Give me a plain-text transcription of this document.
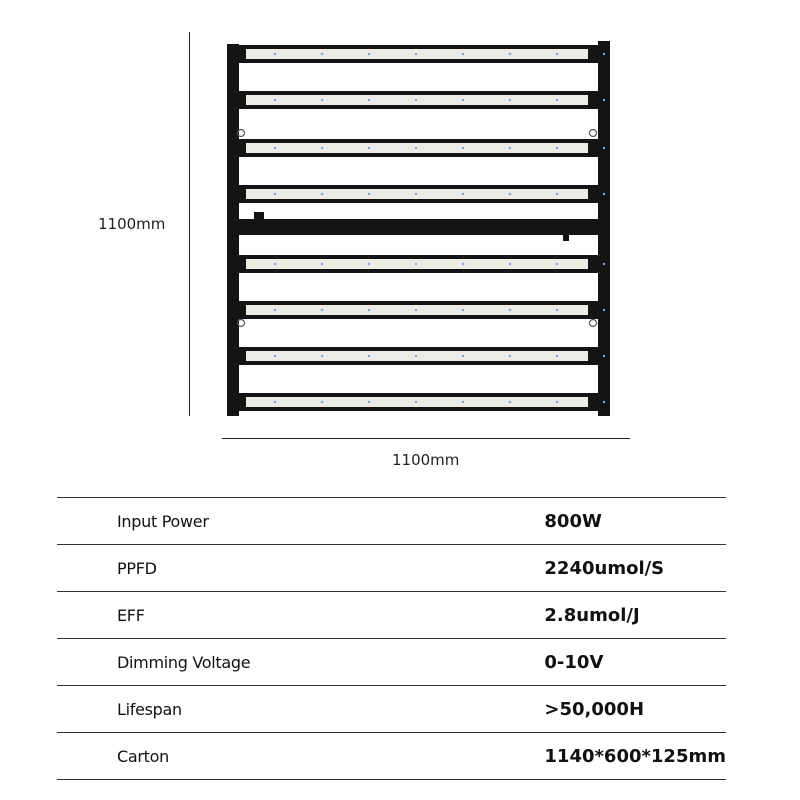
1100mm
1100mm
Input Power	800W
PPFD	2240umol/S
EFF	2.8umol/J
Dimming Voltage	0-10V
Lifespan	>50,000H
Carton	1140*600*125mm
